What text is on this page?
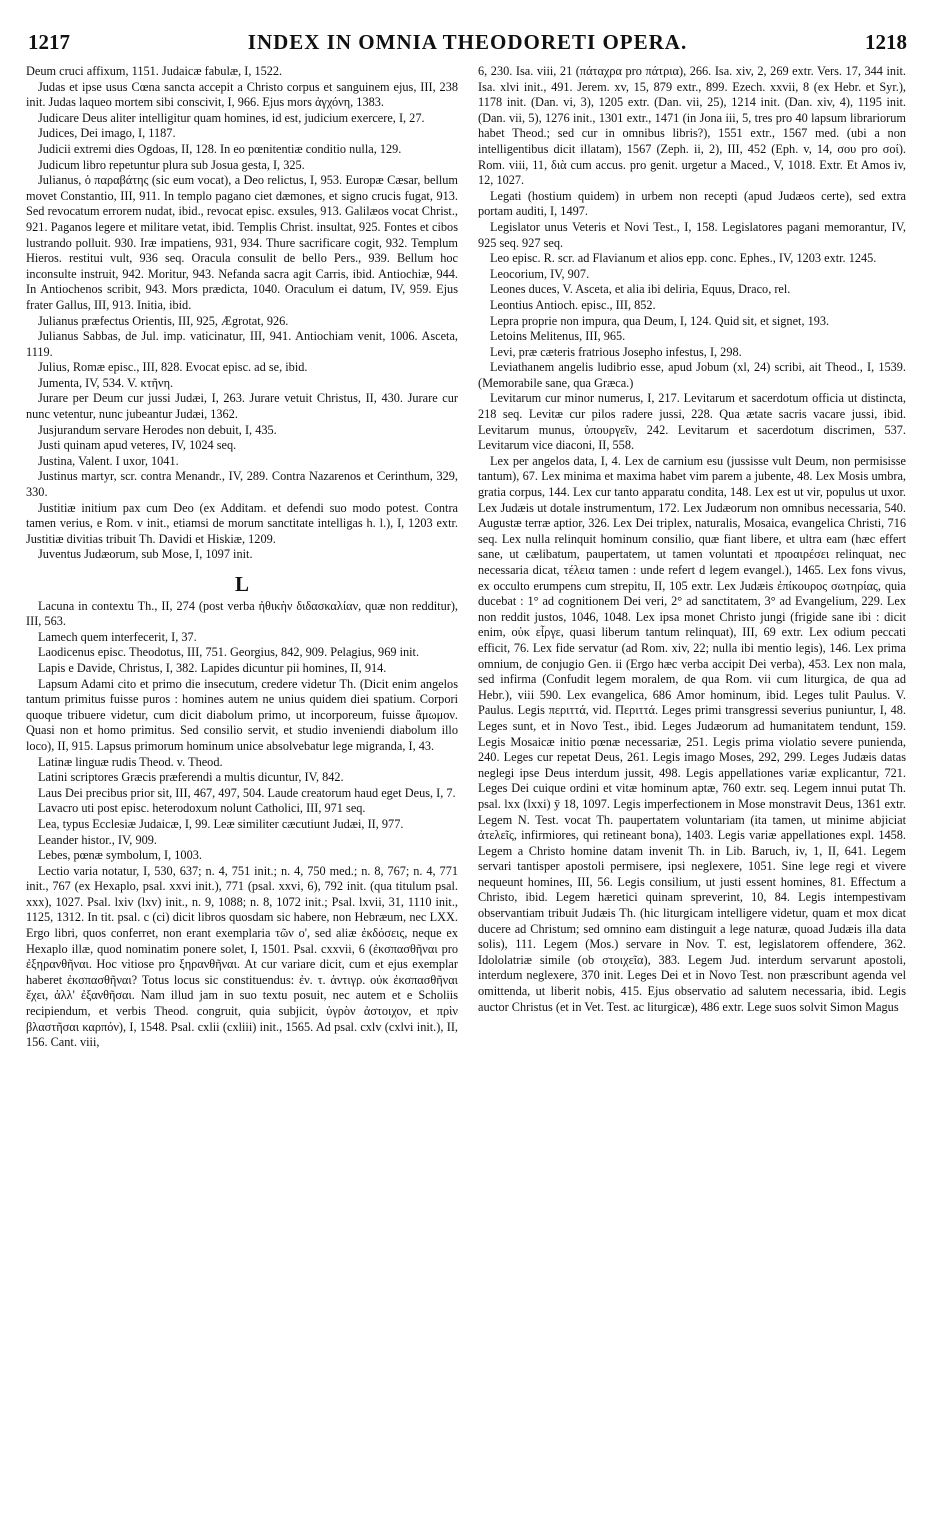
1217	INDEX IN OMNIA THEODORETI OPERA.	1218

Deum cruci affixum, 1151. Judaicæ fabulæ, I, 1522.

Judas et ipse usus Cœna sancta accepit a Christo corpus et sanguinem ejus, III, 238 init. Judas laqueo mortem sibi conscivit, I, 966. Ejus mors ἀγχόνη, 1383.

Judicare Deus aliter intelligitur quam homines, id est, judicium exercere, I, 27.

Judices, Dei imago, I, 1187.

Judicii extremi dies Ogdoas, II, 128. In eo pœnitentiæ conditio nulla, 129.

Judicum libro repetuntur plura sub Josua gesta, I, 325.

Julianus, ὁ παραβάτης (sic eum vocat), a Deo relictus, I, 953. Europæ Cæsar, bellum movet Constantio, III, 911. In templo pagano ciet dæmones, et signo crucis fugat, 913. Sed revocatum errorem nudat, ibid., revocat episc. exsules, 913. Galilæos vocat Christ., 921. Paganos legere et militare vetat, ibid. Templis Christ. insultat, 925. Fontes et cibos lustrando polluit. 930. Iræ impatiens, 931, 934. Thure sacrificare cogit, 932. Templum Hieros. restitui vult, 936 seq. Oracula consulit de bello Pers., 939. Bellum hoc inconsulte instruit, 942. Moritur, 943. Nefanda sacra agit Carris, ibid. Antiochiæ, 944. In Antiochenos scribit, 943. Mors prædicta, 1040. Oraculum ei datum, IV, 959. Ejus frater Gallus, III, 913. Initia, ibid.

Julianus præfectus Orientis, III, 925, Ægrotat, 926.

Julianus Sabbas, de Jul. imp. vaticinatur, III, 941. Antiochiam venit, 1006. Asceta, 1119.

Julius, Romæ episc., III, 828. Evocat episc. ad se, ibid.

Jumenta, IV, 534. V. κτῆνη.

Jurare per Deum cur jussi Judæi, I, 263. Jurare vetuit Christus, II, 430. Jurare cur nunc vetentur, nunc jubeantur Judæi, 1362.

Jusjurandum servare Herodes non debuit, I, 435.

Justi quinam apud veteres, IV, 1024 seq.

Justina, Valent. I uxor, 1041.

Justinus martyr, scr. contra Menandr., IV, 289. Contra Nazarenos et Cerinthum, 329, 330.

Justitiæ initium pax cum Deo (ex Additam. et defendi suo modo potest. Contra tamen verius, e Rom. v init., etiamsi de morum sanctitate intelligas h. l.), I, 1203 extr. Justitiæ divitias tribuit Th. Davidi et Hiskiæ, 1209.

Juventus Judæorum, sub Mose, I, 1097 init.

L

Lacuna in contextu Th., II, 274 (post verba ἠθικὴν διδασκαλίαν, quæ non redditur), III, 563.

Lamech quem interfecerit, I, 37.

Laodicenus episc. Theodotus, III, 751. Georgius, 842, 909. Pelagius, 969 init.

Lapis e Davide, Christus, I, 382. Lapides dicuntur pii homines, II, 914.

Lapsum Adami cito et primo die insecutum, credere videtur Th. (Dicit enim angelos tantum primitus fuisse puros : homines autem ne unius quidem diei spatium. Corpori quoque tribuere videtur, cum dicit diabolum primo, ut incorporeum, fuisse ἄμωμον. Quasi non et homo primitus. Sed consilio servit, et studio inveniendi diabolum illo loco), II, 915. Lapsus primorum hominum unice absolvebatur lege migranda, I, 43.

Latinæ linguæ rudis Theod. v. Theod.

Latini scriptores Græcis præferendi a multis dicuntur, IV, 842.

Laus Dei precibus prior sit, III, 467, 497, 504. Laude creatorum haud eget Deus, I, 7.

Lavacro uti post episc. heterodoxum nolunt Catholici, III, 971 seq.

Lea, typus Ecclesiæ Judaicæ, I, 99. Leæ similiter cæcutiunt Judæi, II, 977.

Leander histor., IV, 909.

Lebes, pœnæ symbolum, I, 1003.

Lectio varia notatur, I, 530, 637; n. 4, 751 init.; n. 4, 750 med.; n. 8, 767; n. 4, 771 init., 767 (ex Hexaplo, psal. xxvi init.), 771 (psal. xxvi, 6), 792 init. (qua titulum psal. xxx), 1027. Psal. lxiv (lxv) init., n. 9, 1088; n. 8, 1072 init.; Psal. lxvii, 31, 1110 init., 1125, 1312. In tit. psal. c (ci) dicit libros quosdam sic habere, non Hebræum, nec LXX. Ergo libri, quos conferret, non erant exemplaria τῶν ο', sed aliæ ἐκδόσεις, neque ex Hexaplo illæ, quod nominatim ponere solet, I, 1501. Psal. cxxvii, 6 (ἐκσπασθῆναι pro ἐξηρανθῆναι. Hoc vitiose pro ξηρανθῆναι. At cur variare dicit, cum et ejus exemplar haberet ἐκσπασθῆναι? Totus locus sic constituendus: ἐν. τ. ἀντιγρ. οὐκ ἐκσπασθῆναι ἔχει, ἀλλ' ἐξανθῆσαι. Nam illud jam in suo textu posuit, nec autem et e Scholiis recipiendum, et verbis Theod. congruit, quia subjicit, ὑγρὸν ἀστοιχον, et πρὶν βλαστῆσαι καρπόν), I, 1548. Psal. cxlii (cxliii) init., 1565. Ad psal. cxlv (cxlvi init.), II, 156. Cant. viii,

6, 230. Isa. viii, 21 (πάταχρα pro πάτρια), 266. Isa. xiv, 2, 269 extr. Vers. 17, 344 init. Isa. xlvi init., 491. Jerem. xv, 15, 879 extr., 899. Ezech. xxvii, 8 (ex Hebr. et Syr.), 1178 init. (Dan. vi, 3), 1205 extr. (Dan. vii, 25), 1214 init. (Dan. xiv, 4), 1195 init. (Dan. vii, 5), 1276 init., 1301 extr., 1471 (in Jona iii, 5, tres pro 40 lapsum librariorum habet Theod.; sed cur in omnibus libris?), 1551 extr., 1567 med. (ubi a non intelligentibus dicit illatam), 1567 (Zeph. ii, 2), III, 452 (Eph. v, 14, σου pro σοί). Rom. viii, 11, διὰ cum accus. pro genit. urgetur a Maced., V, 1018. Extr. Et Amos iv, 12, 1027.

Legati (hostium quidem) in urbem non recepti (apud Judæos certe), sed extra portam auditi, I, 1497.

Legislator unus Veteris et Novi Test., I, 158. Legislatores pagani memorantur, IV, 925 seq. 927 seq.

Leo episc. R. scr. ad Flavianum et alios epp. conc. Ephes., IV, 1203 extr. 1245.

Leocorium, IV, 907.

Leones duces, V. Asceta, et alia ibi deliria, Equus, Draco, rel.

Leontius Antioch. episc., III, 852.

Lepra proprie non impura, qua Deum, I, 124. Quid sit, et signet, 193.

Letoins Melitenus, III, 965.

Levi, præ cæteris fratrious Josepho infestus, I, 298.

Leviathanem angelis ludibrio esse, apud Jobum (xl, 24) scribi, ait Theod., I, 1539. (Memorabile sane, qua Græca.)

Levitarum cur minor numerus, I, 217. Levitarum et sacerdotum officia ut distincta, 218 seq. Levitæ cur pilos radere jussi, 228. Qua ætate sacris vacare jussi, ibid. Levitarum munus, ὑπουργεῖν, 242. Levitarum et sacerdotum discrimen, 537. Levitarum vice diaconi, II, 558.

Lex per angelos data, I, 4. Lex de carnium esu (jussisse vult Deum, non permisisse tantum), 67. Lex minima et maxima habet vim parem a jubente, 48. Lex Mosis umbra, gratia corpus, 144. Lex cur tanto apparatu condita, 148. Lex est ut vir, populus ut uxor. Lex Judæis ut dotale instrumentum, 172. Lex Judæorum non omnibus necessaria, 540. Augustæ terræ aptior, 326. Lex Dei triplex, naturalis, Mosaica, evangelica Christi, 716 seq. Lex nulla relinquit hominum consilio, quæ fiant libere, et ultra eam (hæc effert sane, ut cælibatum, paupertatem, ut tamen voluntati et προαιρέσει relinquat, nec necessaria dicat, τέλεια tamen : unde refert d legem evangel.), 1465. Lex fons vivus, ex occulto erumpens cum strepitu, II, 105 extr. Lex Judæis ἐπίκουρος σωτηρίας, quia ducebat : 1° ad cognitionem Dei veri, 2° ad sanctitatem, 3° ad Evangelium, 229. Lex non reddit justos, 1046, 1048. Lex ipsa monet Christo jungi (frigide sane ibi : dicit enim, οὐκ εἶργε, quasi liberum tantum relinquat), III, 69 extr. Lex odium peccati efficit, 76. Lex fide servatur (ad Rom. xiv, 22; nulla ibi mentio legis), 146. Lex prima omnium, de conjugio Gen. ii (Ergo hæc verba accipit Dei verba), 453. Lex non mala, sed infirma (Confudit legem moralem, de qua Rom. vii cum liturgica, de qua ad Hebr.), viii 590. Lex evangelica, 686 Amor hominum, ibid. Leges tulit Paulus. V. Paulus. Legis περιττά, vid. Περιττά. Leges primi transgressi severius puniuntur, I, 48. Leges sunt, et in Novo Test., ibid. Leges Judæorum ad humanitatem tendunt, 159. Legis Mosaicæ initio pœnæ necessariæ, 251. Legis prima violatio severe punienda, 240. Leges cur repetat Deus, 261. Legis imago Moses, 292, 299. Leges Judæis datas neglegi ipse Deus interdum jussit, 498. Legis appellationes variæ explicantur, 721. Leges Dei cuique ordini et vitæ hominum aptæ, 760 extr. seq. Legem innui putat Th. psal. lxx (lxxi) ȳ 18, 1097. Legis imperfectionem in Mose monstravit Deus, 1361 extr. Legem N. Test. vocat Th. paupertatem voluntariam (ita tamen, ut minime abjiciat ἀτελεῖς, infirmiores, qui retineant bona), 1403. Legis variæ appellationes expl. 1458. Legem a Christo homine datam invenit Th. in Lib. Baruch, iv, 1, II, 641. Legem servari tantisper apostoli permisere, ipsi neglexere, 1051. Sine lege regi et vivere nequeunt homines, III, 56. Legis consilium, ut justi essent homines, 81. Effectum a Christo, ibid. Legem hæretici quinam spreverint, 10, 84. Legis intempestivam observantiam tribuit Judæis Th. (hic liturgicam intelligere videtur, quam et mox dicat ducere ad Christum; sed omnino eam distinguit a lege naturæ, quoad Judæis illa data solis), 111. Legem (Mos.) servare in Nov. T. est, legislatorem offendere, 362. Idololatriæ simile (ob στοιχεῖα), 383. Legem Jud. interdum servarunt apostoli, interdum neglexere, 370 init. Leges Dei et in Novo Test. non præscribunt agenda vel omittenda, ut liberit nobis, 415. Ejus observatio ad salutem necessaria, ibid. Legis auctor Christus (et in Vet. Test. ac liturgicæ), 486 extr. Lege suos solvit Simon Magus
